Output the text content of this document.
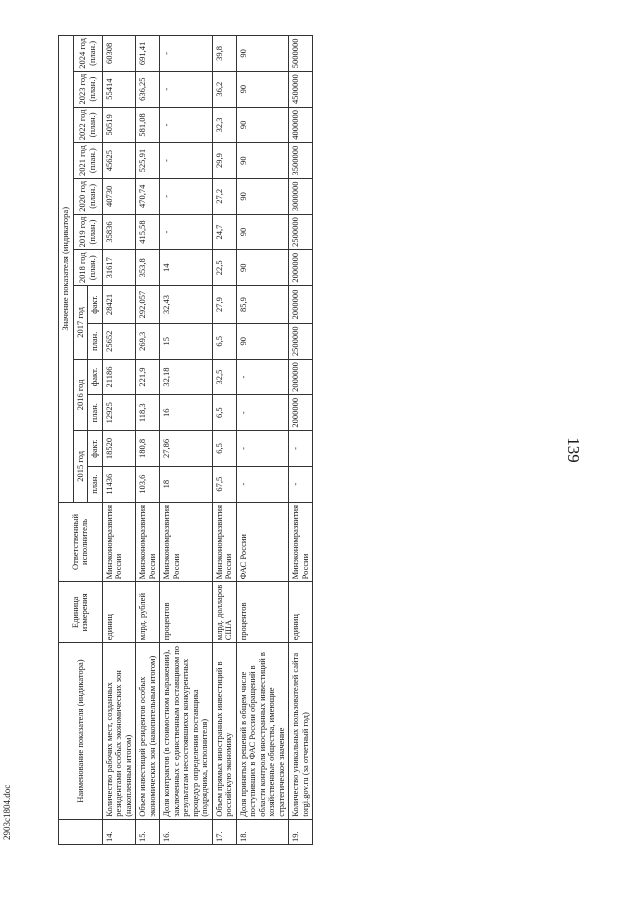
139
2903с1804.doc
	Наименование показателя (индикатора)	Единица измерения	Ответственный исполнитель	Значение показателя (индикатора)												
				2015 год		2016 год		2017 год		2018 год (план.)	2019 год (план.)	2020 год (план.)	2021 год (план.)	2022 год (план.)	2023 год (план.)	2024 год (план.)
				план.	факт.	план.	факт.	план.	факт.							
14.	Количество рабочих мест, созданных резидентами особых экономических зон (накопленным итогом)	единиц	Минэкономразвития России	11436	18520	12925	21186	25652	28421	31617	35836	40730	45625	50519	55414	60308
15.	Объем инвестиций резидентов особых экономических зон (накопительным итогом)	млрд. рублей	Минэкономразвития России	103,6	180,8	118,3	221,9	269,3	292,057	353,8	415,58	470,74	525,91	581,08	636,25	691,41
16.	Доля контрактов (в стоимостном выражении), заключенных с единственным поставщиком по результатам несостоявшихся конкурентных процедур определения поставщика (подрядчика, исполнителя)	процентов	Минэкономразвития России	18	27,86	16	32,18	15	32,43	14	-	-	-	-	-	-
17.	Объем прямых иностранных инвестиций в российскую экономику	млрд. долларов США	Минэкономразвития России	67,5	6,5	6,5	32,5	6,5	27,9	22,5	24,7	27,2	29,9	32,3	36,2	39,8
18.	Доля принятых решений в общем числе поступивших в ФАС России обращений в области контроля иностранных инвестиций в хозяйственные общества, имеющие стратегическое значение	процентов	ФАС России	-	-	-	-	90	85,9	90	90	90	90	90	90	90
19.	Количество уникальных пользователей сайта torgi.gov.ru (за отчетный год)	единиц	Минэкономразвития России	-	-	2000000	2000000	2500000	2000000	2000000	2500000	3000000	3500000	4000000	4500000	5000000
